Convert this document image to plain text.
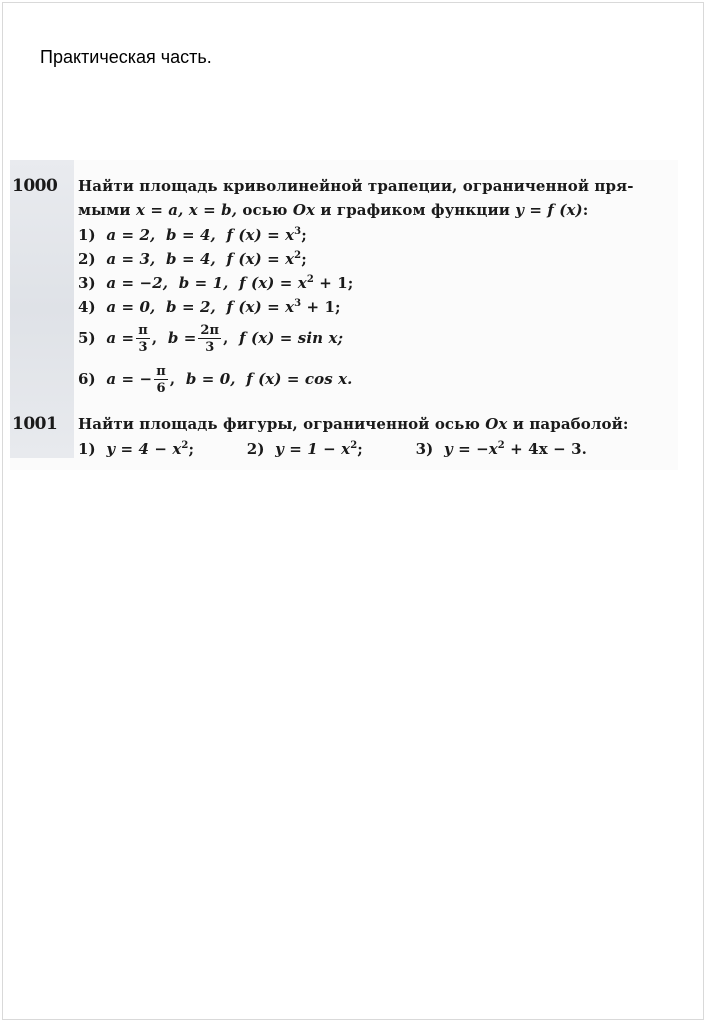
Практическая часть.
1000 Найти площадь криволинейной трапеции, ограниченной пря-
мыми x = a, x = b, осью Ox и графиком функции y = f (x):
1) a = 2, b = 4, f $(x) = x^3$;
2) a = 3, b = 4, f $(x) = x^2$;
3) a = −2, b = 1, f $(x) = x^2 + 1$;
4) a = 0, b = 2, f $(x) = x^3 + 1$;
5) $a = \frac{\pi}{3}$ , $b = \frac{2\pi}{3}$ , f (x) = sin x;
6) a = − $\frac{\pi}{6}$ , b = 0, f (x) = cos x.
1001 Найти площадь фигуры, ограниченной осью Ox и параболой:
1) $y = 4 - x^2$;	2) $y = 1 - x^2$;	3) $y = -x^2 + 4x - 3$.
